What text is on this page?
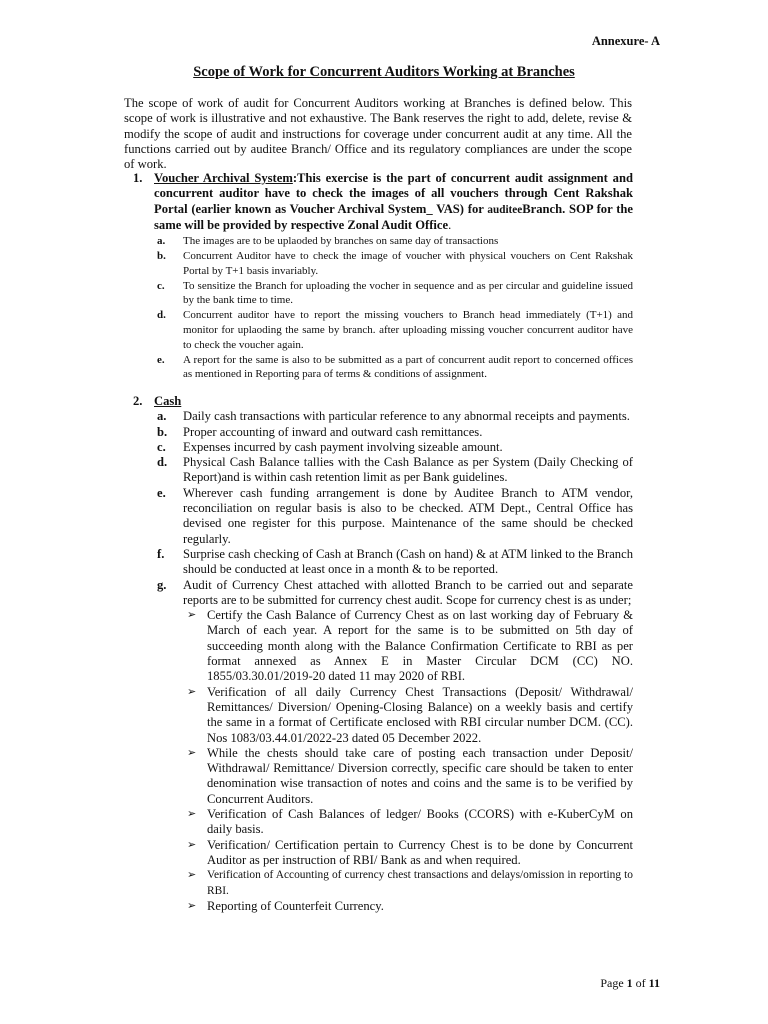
Annexure- A
Scope of Work for Concurrent Auditors Working at Branches

The scope of work of audit for Concurrent Auditors working at Branches is defined below. This scope of work is illustrative and not exhaustive. The Bank reserves the right to add, delete, revise & modify the scope of audit and instructions for coverage under concurrent audit at any time. All the functions carried out by auditee Branch/ Office and its regulatory compliances are under the scope of work.

1. Voucher Archival System:This exercise is the part of concurrent audit assignment and concurrent auditor have to check the images of all vouchers through Cent Rakshak Portal (earlier known as Voucher Archival System_ VAS) for auditeeBranch. SOP for the same will be provided by respective Zonal Audit Office.
a. The images are to be uplaoded by branches on same day of transactions
b. Concurrent Auditor have to check the image of voucher with physical vouchers on Cent Rakshak Portal by T+1 basis invariably.
c. To sensitize the Branch for uploading the vocher in sequence and as per circular and guideline issued by the bank time to time.
d. Concurrent auditor have to report the missing vouchers to Branch head immediately (T+1) and monitor for uplaoding the same by branch. after uploading missing voucher concurrent auditor have to check the voucher again.
e. A report for the same is also to be submitted as a part of concurrent audit report to concerned offices as mentioned in Reporting para of terms & conditions of assignment.
2. Cash
a. Daily cash transactions with particular reference to any abnormal receipts and payments.
b. Proper accounting of inward and outward cash remittances.
c. Expenses incurred by cash payment involving sizeable amount.
d. Physical Cash Balance tallies with the Cash Balance as per System (Daily Checking of Report)and is within cash retention limit as per Bank guidelines.
e. Wherever cash funding arrangement is done by Auditee Branch to ATM vendor, reconciliation on regular basis is also to be checked. ATM Dept., Central Office has devised one register for this purpose. Maintenance of the same should be checked regularly.
f. Surprise cash checking of Cash at Branch (Cash on hand) & at ATM linked to the Branch should be conducted at least once in a month & to be reported.
g. Audit of Currency Chest attached with allotted Branch to be carried out and separate reports are to be submitted for currency chest audit. Scope for currency chest is as under;
➢ Certify the Cash Balance of Currency Chest as on last working day of February & March of each year. A report for the same is to be submitted on 5th day of succeeding month along with the Balance Confirmation Certificate to RBI as per format annexed as Annex E in Master Circular DCM (CC) NO. 1855/03.30.01/2019-20 dated 11 may 2020 of RBI.
➢ Verification of all daily Currency Chest Transactions (Deposit/ Withdrawal/ Remittances/ Diversion/ Opening-Closing Balance) on a weekly basis and certify the same in a format of Certificate enclosed with RBI circular number DCM. (CC). Nos 1083/03.44.01/2022-23 dated 05 December 2022.
➢ While the chests should take care of posting each transaction under Deposit/ Withdrawal/ Remittance/ Diversion correctly, specific care should be taken to enter denomination wise transaction of notes and coins and the same is to be verified by Concurrent Auditors.
➢ Verification of Cash Balances of ledger/ Books (CCORS) with e-KuberCyM on daily basis.
➢ Verification/ Certification pertain to Currency Chest is to be done by Concurrent Auditor as per instruction of RBI/ Bank as and when required.
➢ Verification of Accounting of currency chest transactions and delays/omission in reporting to RBI.
➢ Reporting of Counterfeit Currency.
Page 1 of 11
